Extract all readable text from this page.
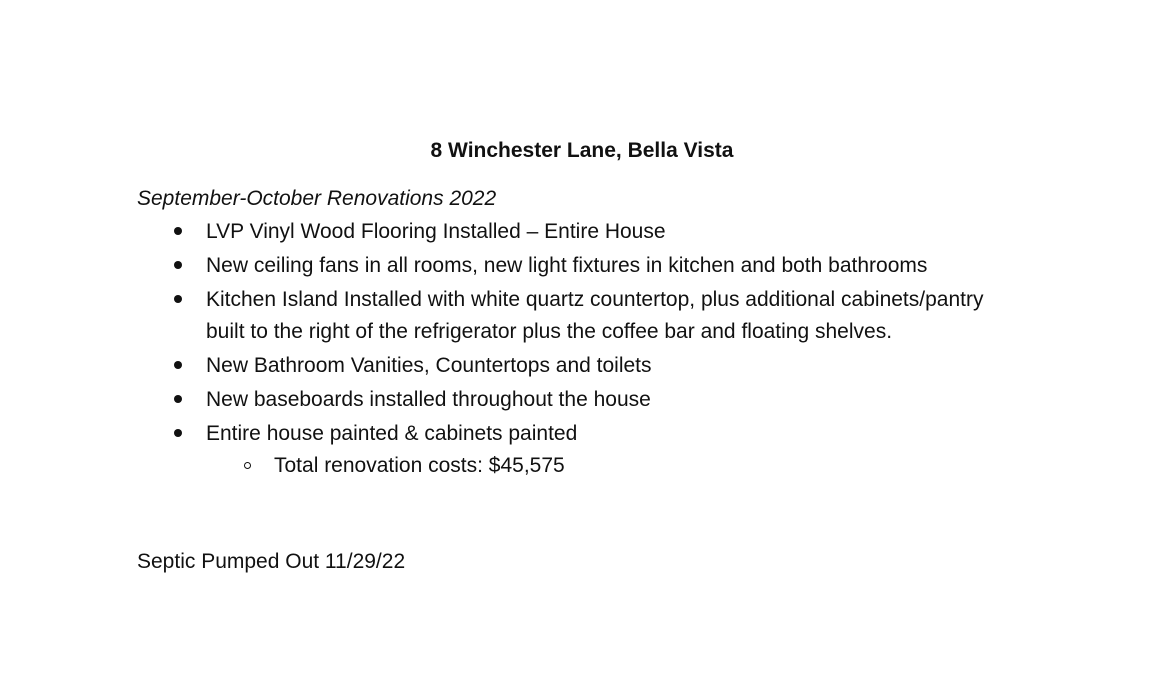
8 Winchester Lane, Bella Vista
September-October Renovations 2022
LVP Vinyl Wood Flooring Installed – Entire House
New ceiling fans in all rooms, new light fixtures in kitchen and both bathrooms
Kitchen Island Installed with white quartz countertop, plus additional cabinets/pantry built to the right of the refrigerator plus the coffee bar and floating shelves.
New Bathroom Vanities, Countertops and toilets
New baseboards installed throughout the house
Entire house painted & cabinets painted
Total renovation costs: $45,575
Septic Pumped Out 11/29/22
